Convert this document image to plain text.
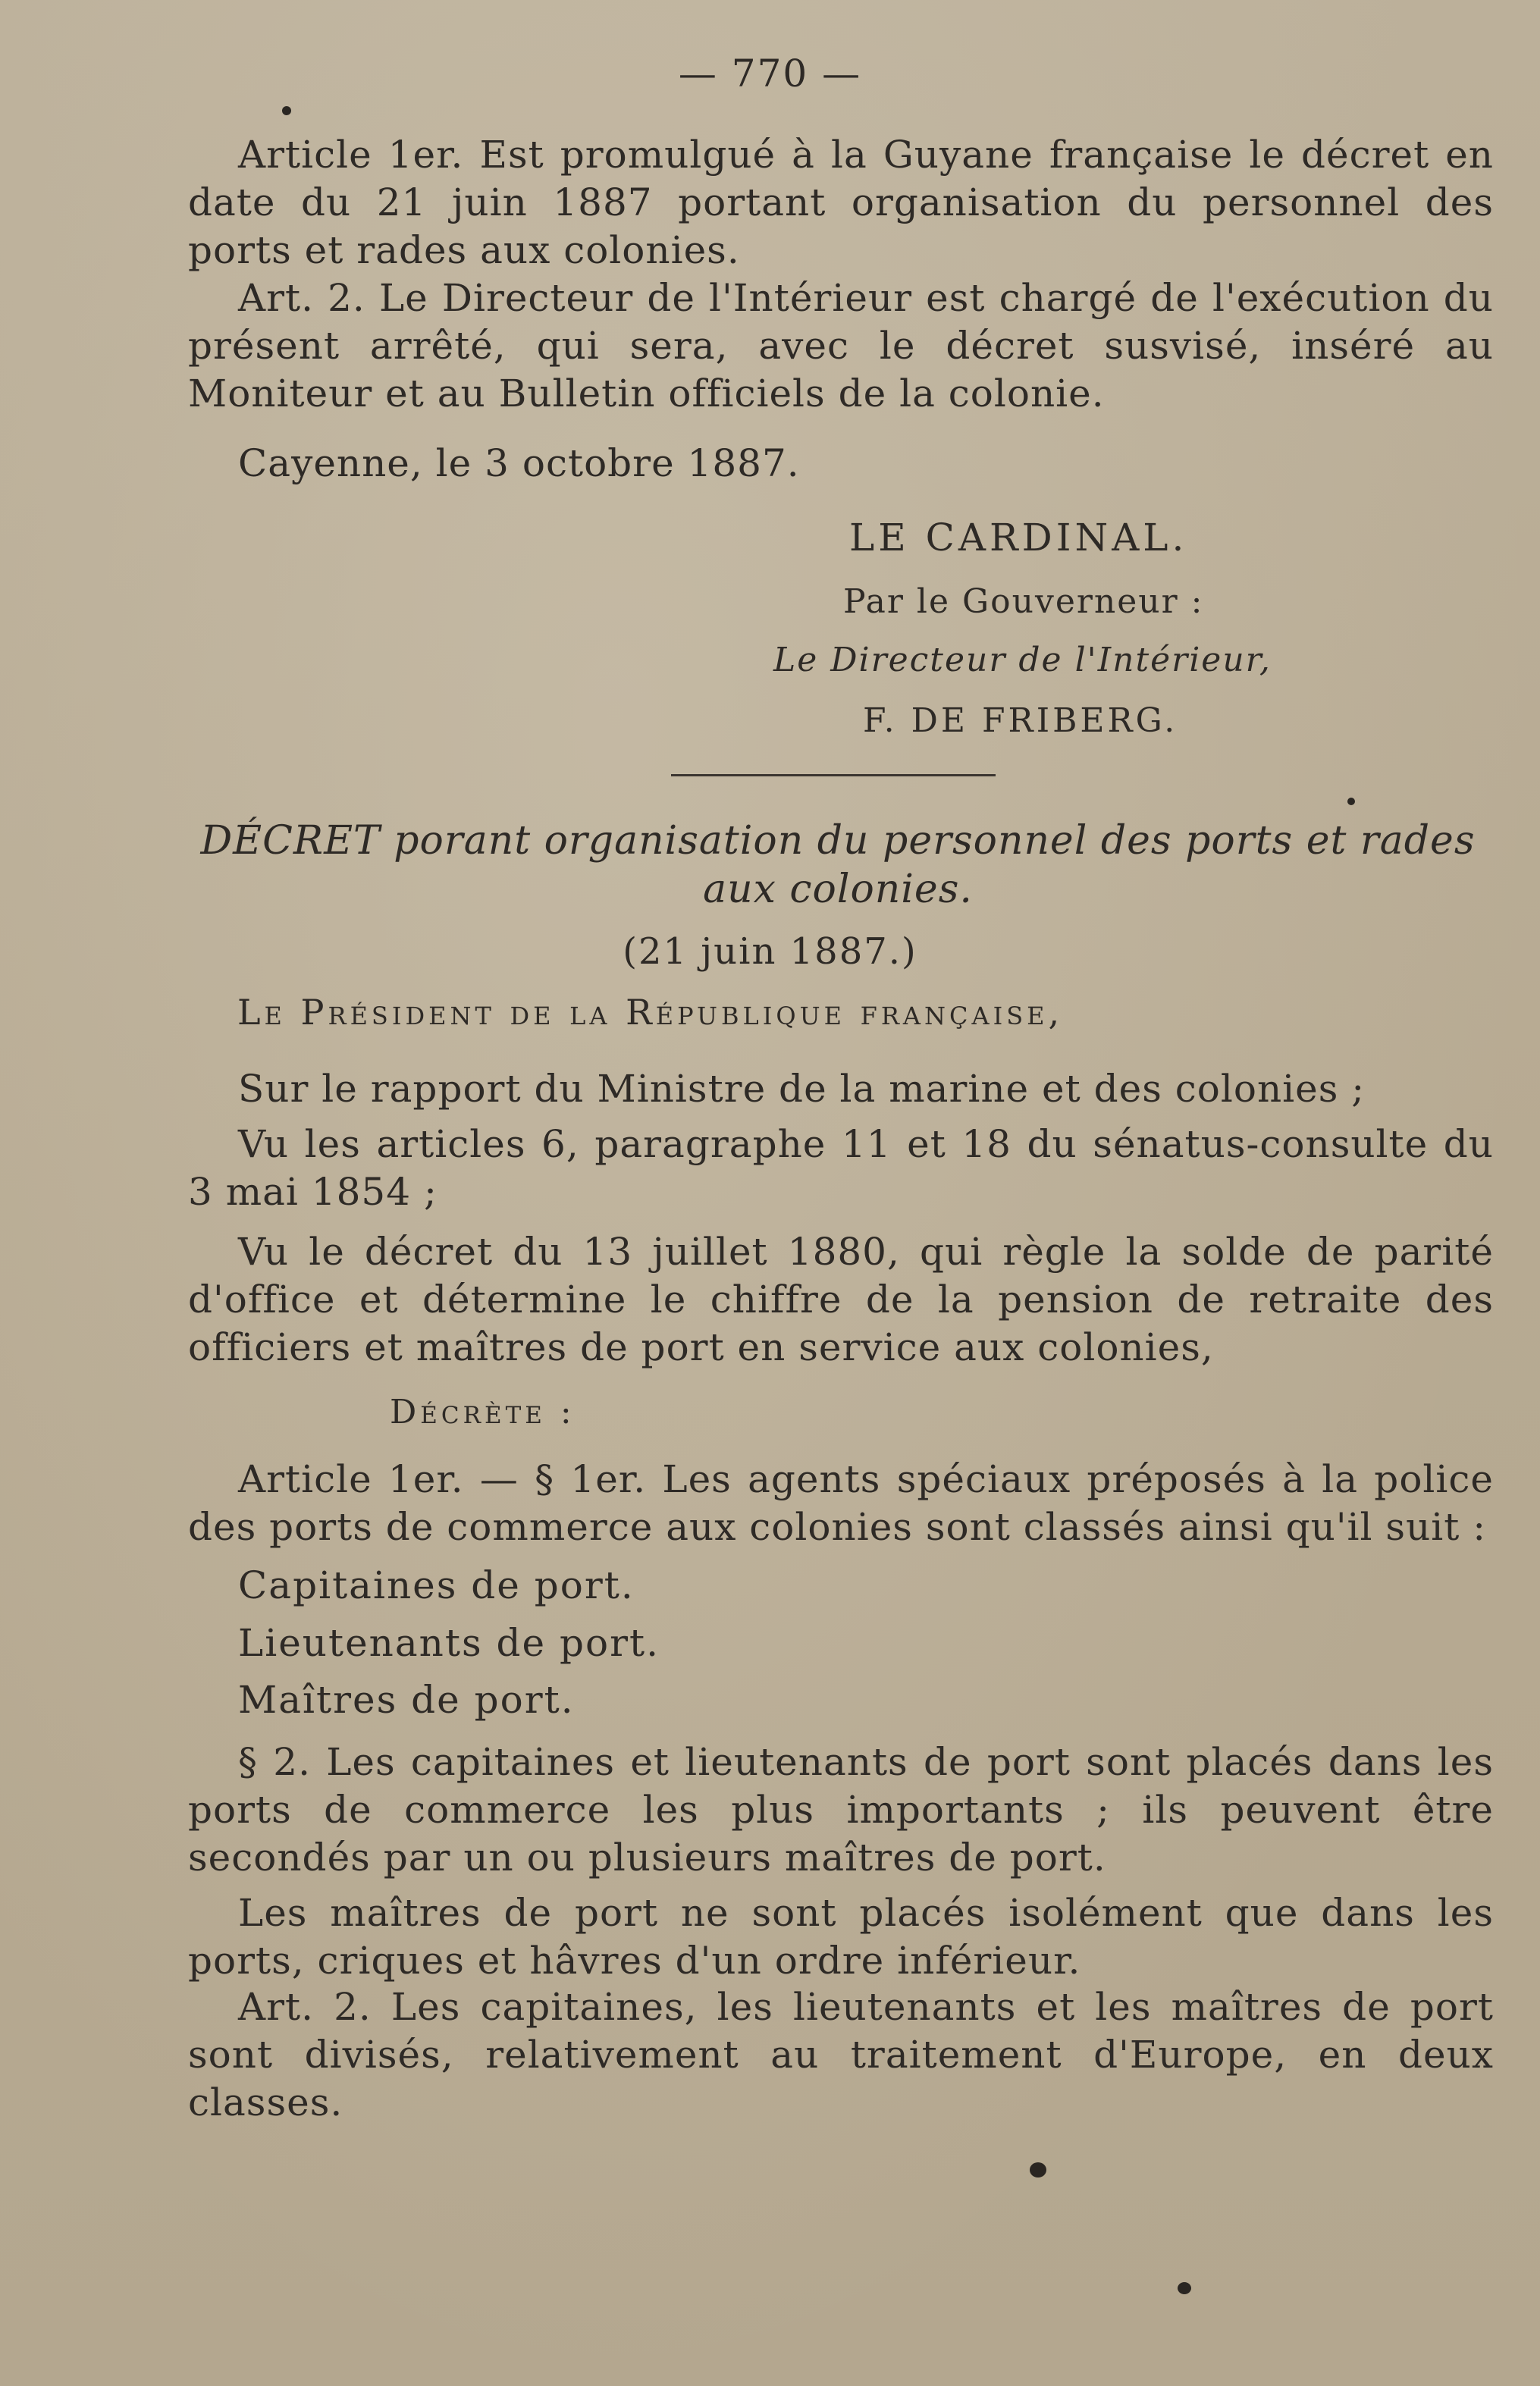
— 770 —

Article 1er. Est promulgué à la Guyane française le décret en date du 21 juin 1887 portant organisation du personnel des ports et rades aux colonies.

Art. 2. Le Directeur de l'Intérieur est chargé de l'exécution du présent arrêté, qui sera, avec le décret susvisé, inséré au Moniteur et au Bulletin officiels de la colonie.

Cayenne, le 3 octobre 1887.

LE CARDINAL.

Par le Gouverneur :

Le Directeur de l'Intérieur,

F. DE FRIBERG.

DÉCRET porant organisation du personnel des ports et rades aux colonies.

(21 juin 1887.)

Le Président de la République française,

Sur le rapport du Ministre de la marine et des colonies ;

Vu les articles 6, paragraphe 11 et 18 du sénatus-consulte du 3 mai 1854 ;

Vu le décret du 13 juillet 1880, qui règle la solde de parité d'office et détermine le chiffre de la pension de retraite des officiers et maîtres de port en service aux colonies,

Décrète :

Article 1er. — § 1er. Les agents spéciaux préposés à la police des ports de commerce aux colonies sont classés ainsi qu'il suit :

Capitaines de port.

Lieutenants de port.

Maîtres de port.

§ 2. Les capitaines et lieutenants de port sont placés dans les ports de commerce les plus importants ; ils peuvent être secondés par un ou plusieurs maîtres de port.

Les maîtres de port ne sont placés isolément que dans les ports, criques et hâvres d'un ordre inférieur.

Art. 2. Les capitaines, les lieutenants et les maîtres de port sont divisés, relativement au traitement d'Europe, en deux classes.
